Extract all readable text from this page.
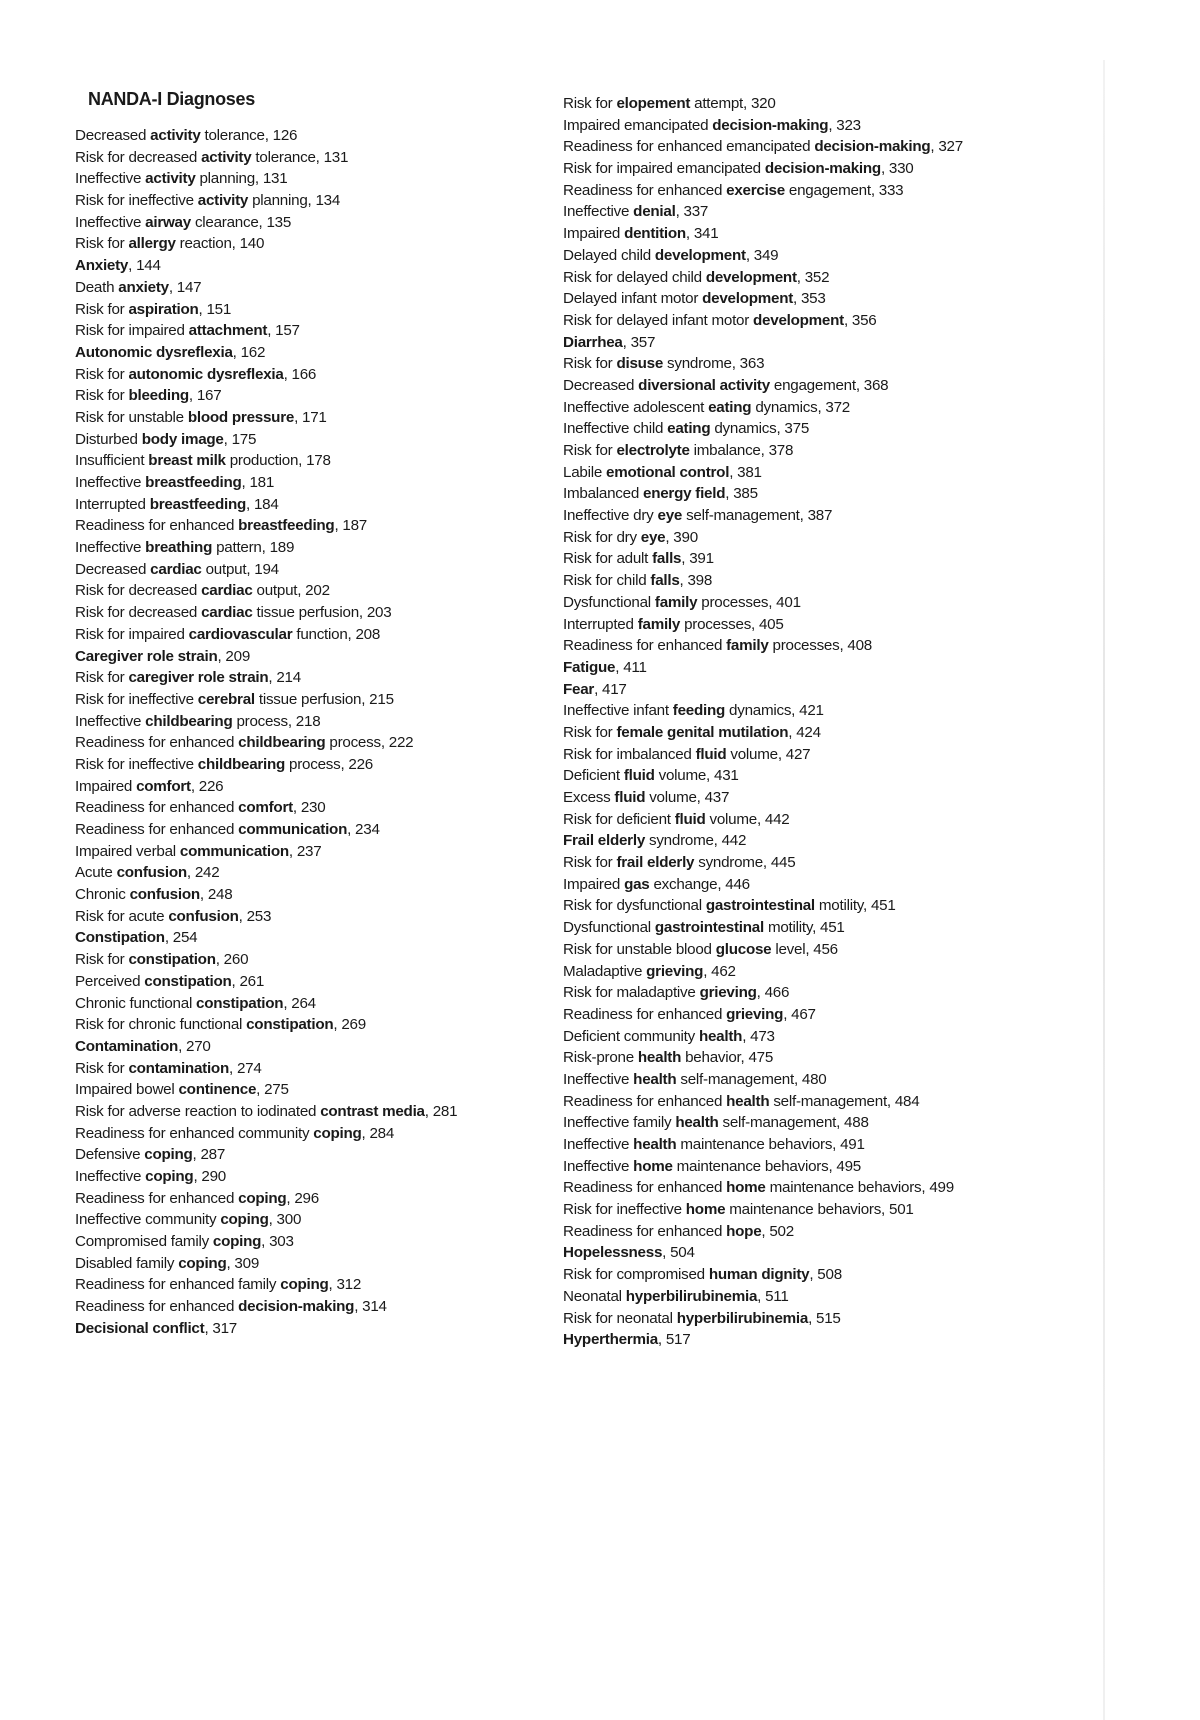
NANDA-I Diagnoses
Decreased activity tolerance, 126
Risk for decreased activity tolerance, 131
Ineffective activity planning, 131
Risk for ineffective activity planning, 134
Ineffective airway clearance, 135
Risk for allergy reaction, 140
Anxiety, 144
Death anxiety, 147
Risk for aspiration, 151
Risk for impaired attachment, 157
Autonomic dysreflexia, 162
Risk for autonomic dysreflexia, 166
Risk for bleeding, 167
Risk for unstable blood pressure, 171
Disturbed body image, 175
Insufficient breast milk production, 178
Ineffective breastfeeding, 181
Interrupted breastfeeding, 184
Readiness for enhanced breastfeeding, 187
Ineffective breathing pattern, 189
Decreased cardiac output, 194
Risk for decreased cardiac output, 202
Risk for decreased cardiac tissue perfusion, 203
Risk for impaired cardiovascular function, 208
Caregiver role strain, 209
Risk for caregiver role strain, 214
Risk for ineffective cerebral tissue perfusion, 215
Ineffective childbearing process, 218
Readiness for enhanced childbearing process, 222
Risk for ineffective childbearing process, 226
Impaired comfort, 226
Readiness for enhanced comfort, 230
Readiness for enhanced communication, 234
Impaired verbal communication, 237
Acute confusion, 242
Chronic confusion, 248
Risk for acute confusion, 253
Constipation, 254
Risk for constipation, 260
Perceived constipation, 261
Chronic functional constipation, 264
Risk for chronic functional constipation, 269
Contamination, 270
Risk for contamination, 274
Impaired bowel continence, 275
Risk for adverse reaction to iodinated contrast media, 281
Readiness for enhanced community coping, 284
Defensive coping, 287
Ineffective coping, 290
Readiness for enhanced coping, 296
Ineffective community coping, 300
Compromised family coping, 303
Disabled family coping, 309
Readiness for enhanced family coping, 312
Readiness for enhanced decision-making, 314
Decisional conflict, 317
Risk for elopement attempt, 320
Impaired emancipated decision-making, 323
Readiness for enhanced emancipated decision-making, 327
Risk for impaired emancipated decision-making, 330
Readiness for enhanced exercise engagement, 333
Ineffective denial, 337
Impaired dentition, 341
Delayed child development, 349
Risk for delayed child development, 352
Delayed infant motor development, 353
Risk for delayed infant motor development, 356
Diarrhea, 357
Risk for disuse syndrome, 363
Decreased diversional activity engagement, 368
Ineffective adolescent eating dynamics, 372
Ineffective child eating dynamics, 375
Risk for electrolyte imbalance, 378
Labile emotional control, 381
Imbalanced energy field, 385
Ineffective dry eye self-management, 387
Risk for dry eye, 390
Risk for adult falls, 391
Risk for child falls, 398
Dysfunctional family processes, 401
Interrupted family processes, 405
Readiness for enhanced family processes, 408
Fatigue, 411
Fear, 417
Ineffective infant feeding dynamics, 421
Risk for female genital mutilation, 424
Risk for imbalanced fluid volume, 427
Deficient fluid volume, 431
Excess fluid volume, 437
Risk for deficient fluid volume, 442
Frail elderly syndrome, 442
Risk for frail elderly syndrome, 445
Impaired gas exchange, 446
Risk for dysfunctional gastrointestinal motility, 451
Dysfunctional gastrointestinal motility, 451
Risk for unstable blood glucose level, 456
Maladaptive grieving, 462
Risk for maladaptive grieving, 466
Readiness for enhanced grieving, 467
Deficient community health, 473
Risk-prone health behavior, 475
Ineffective health self-management, 480
Readiness for enhanced health self-management, 484
Ineffective family health self-management, 488
Ineffective health maintenance behaviors, 491
Ineffective home maintenance behaviors, 495
Readiness for enhanced home maintenance behaviors, 499
Risk for ineffective home maintenance behaviors, 501
Readiness for enhanced hope, 502
Hopelessness, 504
Risk for compromised human dignity, 508
Neonatal hyperbilirubinemia, 511
Risk for neonatal hyperbilirubinemia, 515
Hyperthermia, 517
